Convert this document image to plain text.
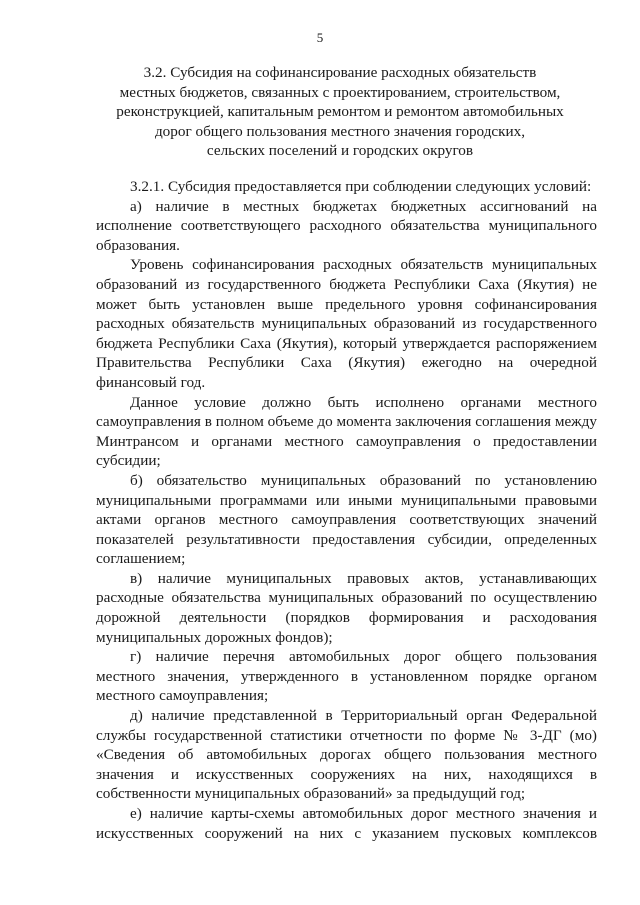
5
3.2. Субсидия на софинансирование расходных обязательств
местных бюджетов, связанных с проектированием, строительством,
реконструкцией, капитальным ремонтом и ремонтом автомобильных
дорог общего пользования местного значения городских,
сельских поселений и городских округов
3.2.1. Субсидия предоставляется при соблюдении следующих условий:
а) наличие в местных бюджетах бюджетных ассигнований на
исполнение соответствующего расходного обязательства муниципального
образования.
Уровень софинансирования расходных обязательств муниципальных
образований из государственного бюджета Республики Саха (Якутия) не
может быть установлен выше предельного уровня софинансирования
расходных обязательств муниципальных образований из государственного
бюджета Республики Саха (Якутия), который утверждается распоряжением
Правительства Республики Саха (Якутия) ежегодно на очередной
финансовый год.
Данное условие должно быть исполнено органами местного
самоуправления в полном объеме до момента заключения соглашения между
Минтрансом и органами местного самоуправления о предоставлении
субсидии;
б) обязательство муниципальных образований по установлению
муниципальными программами или иными муниципальными правовыми
актами органов местного самоуправления соответствующих значений
показателей результативности предоставления субсидии, определенных
соглашением;
в) наличие муниципальных правовых актов, устанавливающих
расходные обязательства муниципальных образований по осуществлению
дорожной деятельности (порядков формирования и расходования
муниципальных дорожных фондов);
г) наличие перечня автомобильных дорог общего пользования
местного значения, утвержденного в установленном порядке органом
местного самоуправления;
д) наличие представленной в Территориальный орган Федеральной
службы государственной статистики отчетности по форме № 3-ДГ (мо)
«Сведения об автомобильных дорогах общего пользования местного
значения и искусственных сооружениях на них, находящихся в
собственности муниципальных образований» за предыдущий год;
е) наличие карты-схемы автомобильных дорог местного значения и
искусственных сооружений на них с указанием пусковых комплексов
